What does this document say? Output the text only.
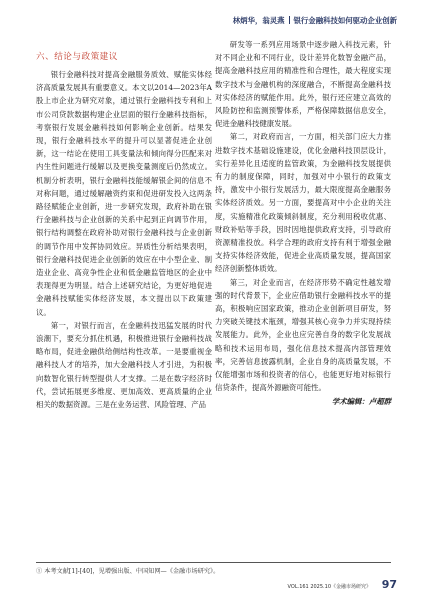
林炳华，翁灵燕 银行金融科技如何驱动企业创新
六、结论与政策建议

银行金融科技对提高金融服务质效、赋能实体经济高质量发展具有重要意义。本文以2014—2023年A股上市企业为研究对象，通过银行金融科技专利和上市公司贷款数据构建企业层面的银行金融科技指标，考察银行发展金融科技如何影响企业创新。结果发现，银行金融科技水平的提升可以显著促进企业创新，这一结论在使用工具变量法和倾向得分匹配来对内生性问题进行缓解以及更换变量测度后仍然成立。机制分析表明，银行金融科技能缓解银企间的信息不对称问题，通过缓解融资约束和促进研发投入这两条路径赋能企业创新，进一步研究发现，政府补助在银行金融科技与企业创新的关系中起到正向调节作用，银行结构调整在政府补助对银行金融科技与企业创新的调节作用中发挥协同效应。异质性分析结果表明，银行金融科技促进企业创新的效应在中小型企业、制造业企业、高竞争性企业和低金融监管地区的企业中表现得更为明显。结合上述研究结论，为更好地促进金融科技赋能实体经济发展，本文提出以下政策建议。

第一，对银行而言，在金融科技迅猛发展的时代浪潮下，要充分抓住机遇，积极推进银行金融科技战略布局，促进金融供给侧结构性改革。一是要重视金融科技人才的培养，加大金融科技人才引进，为积极向数智化银行转型提供人才支撑。二是在数字经济时代，尝试拓展更多维度、更加高效、更高质量的企业相关的数据资源。三是在业务运营、风险管理、产品

研发等一系列应用场景中逐步融入科技元素，针对不同企业和不同行业，设计差异化数智金融产品，提高金融科技应用的精准性和合理性，最大程度实现数字技术与金融机构的深度融合，不断提高金融科技对实体经济的赋能作用。此外，银行还应建立高效的风险防控和监测预警体系，严格保障数据信息安全，促进金融科技健康发展。

第二，对政府而言，一方面，相关部门应大力推进数字技术基础设施建设，优化金融科技顶层设计，实行差异化且适度的监管政策，为金融科技发展提供有力的制度保障，同时，加强对中小银行的政策支持，激发中小银行发展活力，最大限度提高金融服务实体经济质效。另一方面，要提高对中小企业的关注度，实施精准化政策倾斜制度，充分利用税收优惠、财政补贴等手段，因时因地提供政府支持，引导政府资源精准投放。科学合理的政府支持有利于增强金融支持实体经济效能，促进企业高质量发展，提高国家经济创新整体质效。

第三，对企业而言，在经济形势不确定性越发增强的时代背景下，企业应借助银行金融科技水平的提高，积极响应国家政策，推动企业创新项目研发，努力突破关键技术瓶颈，增强其核心竞争力并实现持续发展能力。此外，企业也应完善自身的数字化发展战略和技术运用布局，强化信息技术提高内部管理效率，完善信息披露机制，企业自身的高质量发展，不仅能增强市场和投资者的信心，也能更好地对标银行信贷条件，提高外源融资可能性。

学术编辑：卢超群
① 本考文献[1]-[40]，见增强出版、中国知网—《金融市场研究》。
VOL.161 2025.10《金融市场研究》 97
